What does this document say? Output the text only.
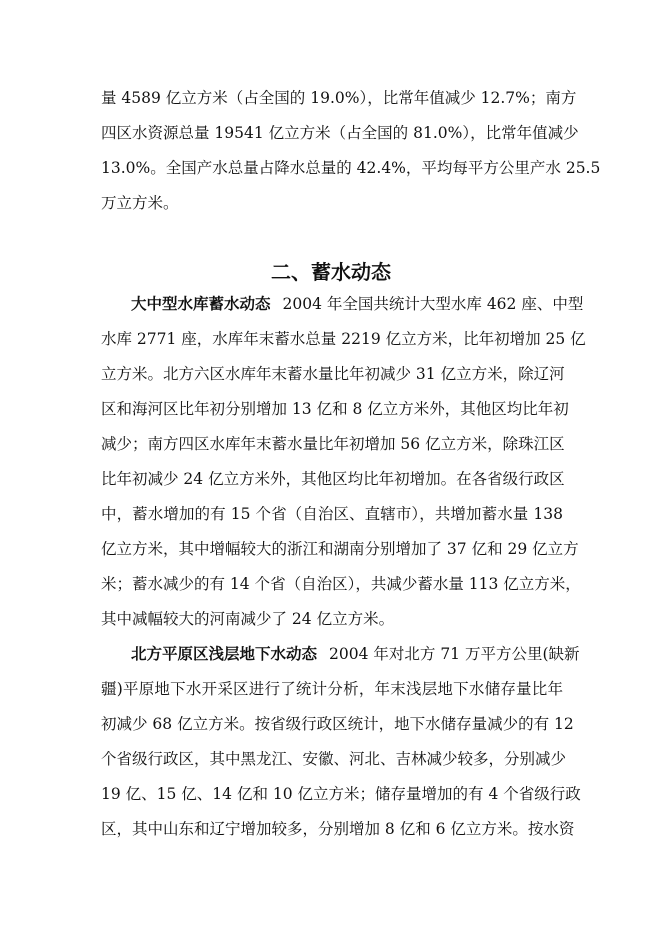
量 4589 亿立方米（占全国的 19.0%），比常年值减少 12.7%；南方
四区水资源总量 19541 亿立方米（占全国的 81.0%），比常年值减少
13.0%。全国产水总量占降水总量的 42.4%，平均每平方公里产水 25.5
万立方米。
二、蓄水动态
大中型水库蓄水动态 2004 年全国共统计大型水库 462 座、中型
水库 2771 座，水库年末蓄水总量 2219 亿立方米，比年初增加 25 亿
立方米。北方六区水库年末蓄水量比年初减少 31 亿立方米，除辽河
区和海河区比年初分别增加 13 亿和 8 亿立方米外，其他区均比年初
减少；南方四区水库年末蓄水量比年初增加 56 亿立方米，除珠江区
比年初减少 24 亿立方米外，其他区均比年初增加。在各省级行政区
中，蓄水增加的有 15 个省（自治区、直辖市），共增加蓄水量 138
亿立方米，其中增幅较大的浙江和湖南分别增加了 37 亿和 29 亿立方
米；蓄水减少的有 14 个省（自治区），共减少蓄水量 113 亿立方米，
其中减幅较大的河南减少了 24 亿立方米。
北方平原区浅层地下水动态 2004 年对北方 71 万平方公里(缺新
疆)平原地下水开采区进行了统计分析，年末浅层地下水储存量比年
初减少 68 亿立方米。按省级行政区统计，地下水储存量减少的有 12
个省级行政区，其中黑龙江、安徽、河北、吉林减少较多，分别减少
19 亿、15 亿、14 亿和 10 亿立方米；储存量增加的有 4 个省级行政
区，其中山东和辽宁增加较多，分别增加 8 亿和 6 亿立方米。按水资
